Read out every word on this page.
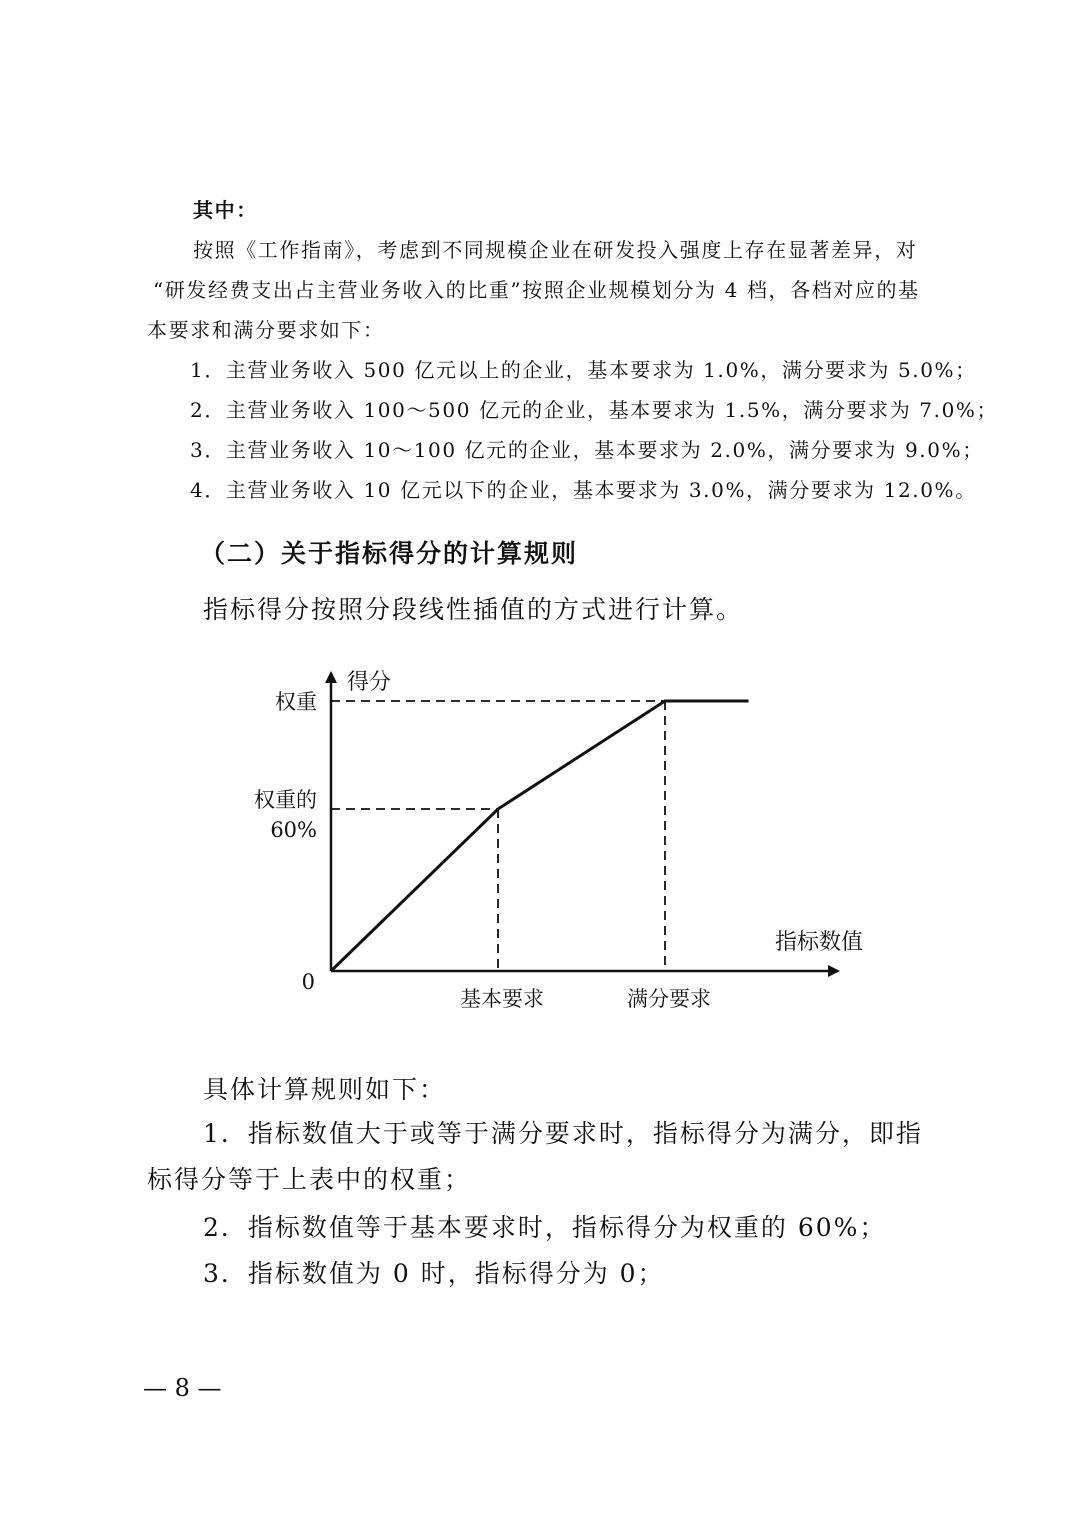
其中：
按照《工作指南》，考虑到不同规模企业在研发投入强度上存在显著差异，对
“研发经费支出占主营业务收入的比重”按照企业规模划分为 4 档，各档对应的基
本要求和满分要求如下：
1．主营业务收入 500 亿元以上的企业，基本要求为 1.0%，满分要求为 5.0%；
2．主营业务收入 100～500 亿元的企业，基本要求为 1.5%，满分要求为 7.0%；
3．主营业务收入 10～100 亿元的企业，基本要求为 2.0%，满分要求为 9.0%；
4．主营业务收入 10 亿元以下的企业，基本要求为 3.0%，满分要求为 12.0%。
（二）关于指标得分的计算规则
指标得分按照分段线性插值的方式进行计算。
得分
指标数值
0
权重
权重的 60%
基本要求	满分要求
具体计算规则如下：
1．指标数值大于或等于满分要求时，指标得分为满分，即指
标得分等于上表中的权重；
2．指标数值等于基本要求时，指标得分为权重的 60%；
3．指标数值为 0 时，指标得分为 0；
— 8 —
